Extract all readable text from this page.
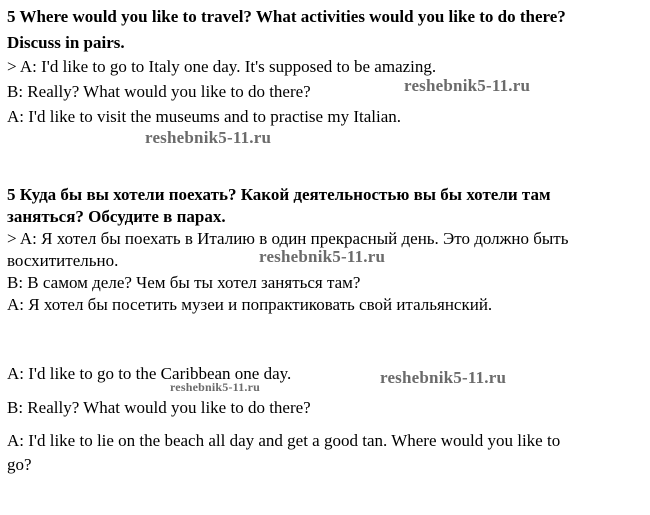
5 Where would you like to travel? What activities would you like to do there?
Discuss in pairs.
> A: I'd like to go to Italy one day. It's supposed to be amazing.
B: Really? What would you like to do there?
A: I'd like to visit the museums and to practise my Italian.
5 Куда бы вы хотели поехать? Какой деятельностью вы бы хотели там
заняться? Обсудите в парах.
> A: Я хотел бы поехать в Италию в один прекрасный день. Это должно быть
восхитительно.
B: В самом деле? Чем бы ты хотел заняться там?
A: Я хотел бы посетить музеи и попрактиковать свой итальянский.
A: I'd like to go to the Caribbean one day.
B: Really? What would you like to do there?
A: I'd like to lie on the beach all day and get a good tan. Where would you like to
go?
reshebnik5-11.ru
reshebnik5-11.ru
reshebnik5-11.ru
reshebnik5-11.ru
reshebnik5-11.ru
